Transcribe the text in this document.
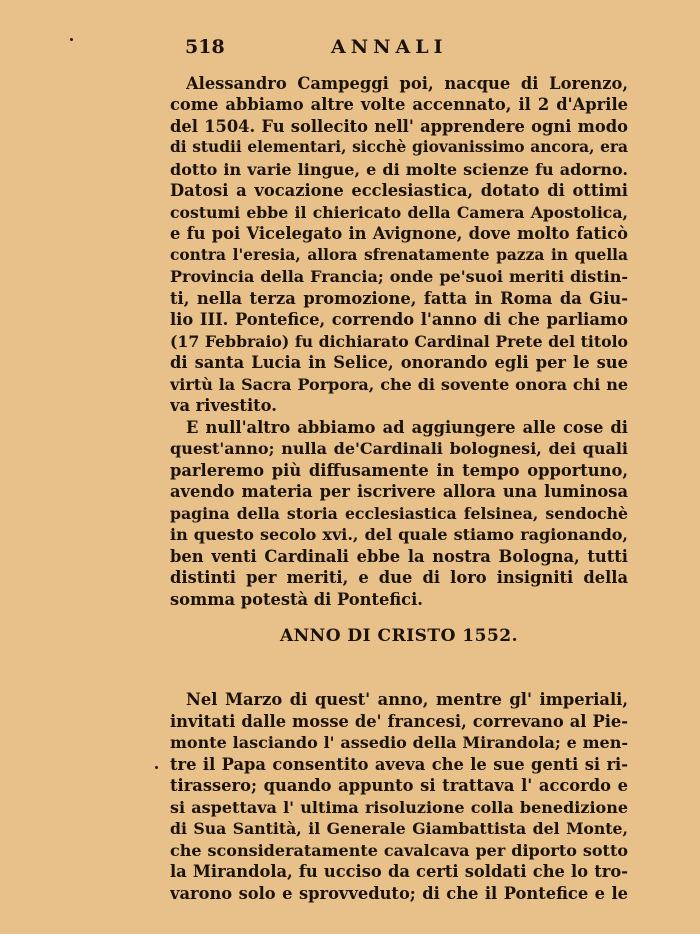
518	ANNALI
Alessandro Campeggi poi, nacque di Lorenzo,
come abbiamo altre volte accennato, il 2 d'Aprile
del 1504. Fu sollecito nell' apprendere ogni modo
di studii elementari, sicchè giovanissimo ancora, era
dotto in varie lingue, e di molte scienze fu adorno.
Datosi a vocazione ecclesiastica, dotato di ottimi
costumi ebbe il chiericato della Camera Apostolica,
e fu poi Vicelegato in Avignone, dove molto faticò
contra l'eresia, allora sfrenatamente pazza in quella
Provincia della Francia; onde pe'suoi meriti distin-
ti, nella terza promozione, fatta in Roma da Giu-
lio III. Pontefice, correndo l'anno di che parliamo
(17 Febbraio) fu dichiarato Cardinal Prete del titolo
di santa Lucia in Selice, onorando egli per le sue
virtù la Sacra Porpora, che di sovente onora chi ne
va rivestito.
E null'altro abbiamo ad aggiungere alle cose di
quest'anno; nulla de'Cardinali bolognesi, dei quali
parleremo più diffusamente in tempo opportuno,
avendo materia per iscrivere allora una luminosa
pagina della storia ecclesiastica felsinea, sendochè
in questo secolo xvi., del quale stiamo ragionando,
ben venti Cardinali ebbe la nostra Bologna, tutti
distinti per meriti, e due di loro insigniti della
somma potestà di Pontefici.
ANNO DI CRISTO 1552.
Nel Marzo di quest' anno, mentre gl' imperiali,
invitati dalle mosse de' francesi, correvano al Pie-
monte lasciando l' assedio della Mirandola; e men-
tre il Papa consentito aveva che le sue genti si ri-
tirassero; quando appunto si trattava l' accordo e
si aspettava l' ultima risoluzione colla benedizione
di Sua Santità, il Generale Giambattista del Monte,
che sconsideratamente cavalcava per diporto sotto
la Mirandola, fu ucciso da certi soldati che lo tro-
varono solo e sprovveduto; di che il Pontefice e le
